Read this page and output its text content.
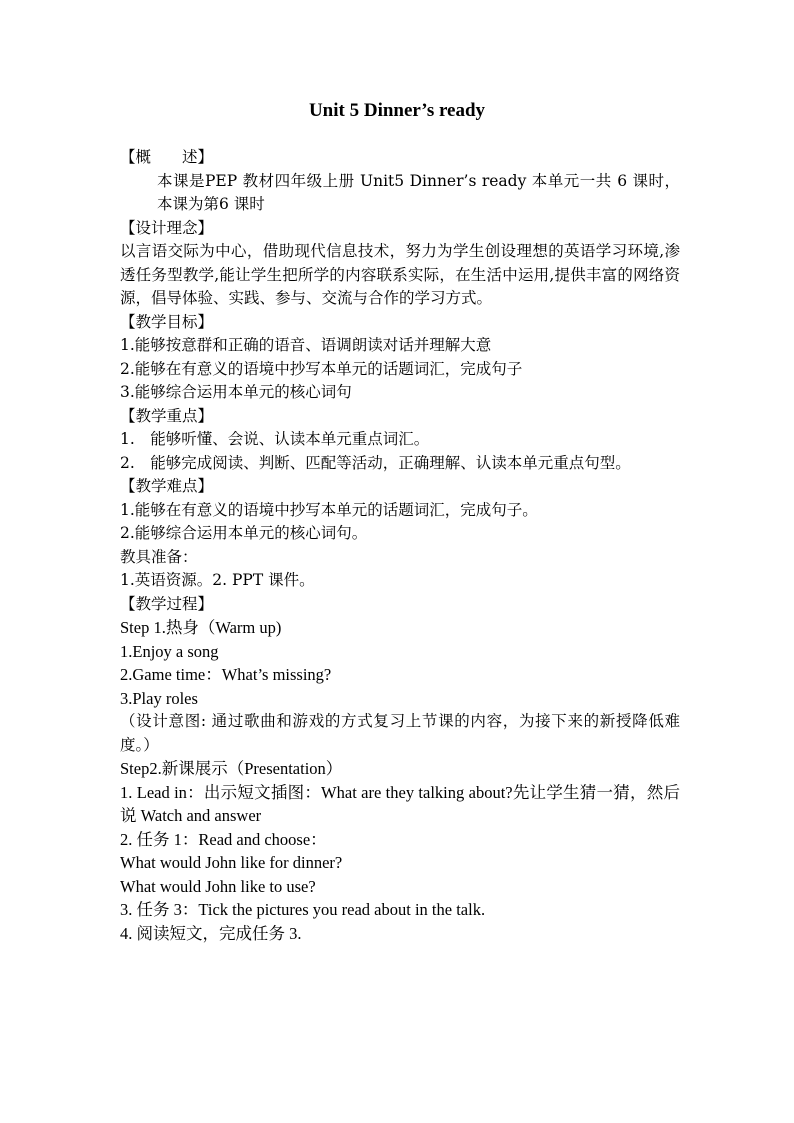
Unit 5 Dinner’s ready
【概　　述】
本课是PEP 教材四年级上册 Unit5 Dinner’s ready 本单元一共 6 课时，本课为第6 课时
【设计理念】
以言语交际为中心，借助现代信息技术，努力为学生创设理想的英语学习环境,渗透任务型教学,能让学生把所学的内容联系实际，在生活中运用,提供丰富的网络资源，倡导体验、实践、参与、交流与合作的学习方式。
【教学目标】
1.能够按意群和正确的语音、语调朗读对话并理解大意
2.能够在有意义的语境中抄写本单元的话题词汇，完成句子
3.能够综合运用本单元的核心词句
【教学重点】
1.　能够听懂、会说、认读本单元重点词汇。
2.　能够完成阅读、判断、匹配等活动，正确理解、认读本单元重点句型。
【教学难点】
1.能够在有意义的语境中抄写本单元的话题词汇，完成句子。
2.能够综合运用本单元的核心词句。
教具准备：
1.英语资源。2. PPT 课件。
【教学过程】
Step 1.热身（Warm up)
1.Enjoy a song
2.Game time：What’s missing?
3.Play roles
（设计意图: 通过歌曲和游戏的方式复习上节课的内容，为接下来的新授降低难度。）
Step2.新课展示（Presentation）
1. Lead in：出示短文插图：What are they talking about?先让学生猜一猜，然后说 Watch and answer
2. 任务 1：Read and choose：
What would John like for dinner?
What would John like to use?
3. 任务 3：Tick the pictures you read about in the talk.
4. 阅读短文，完成任务 3.
